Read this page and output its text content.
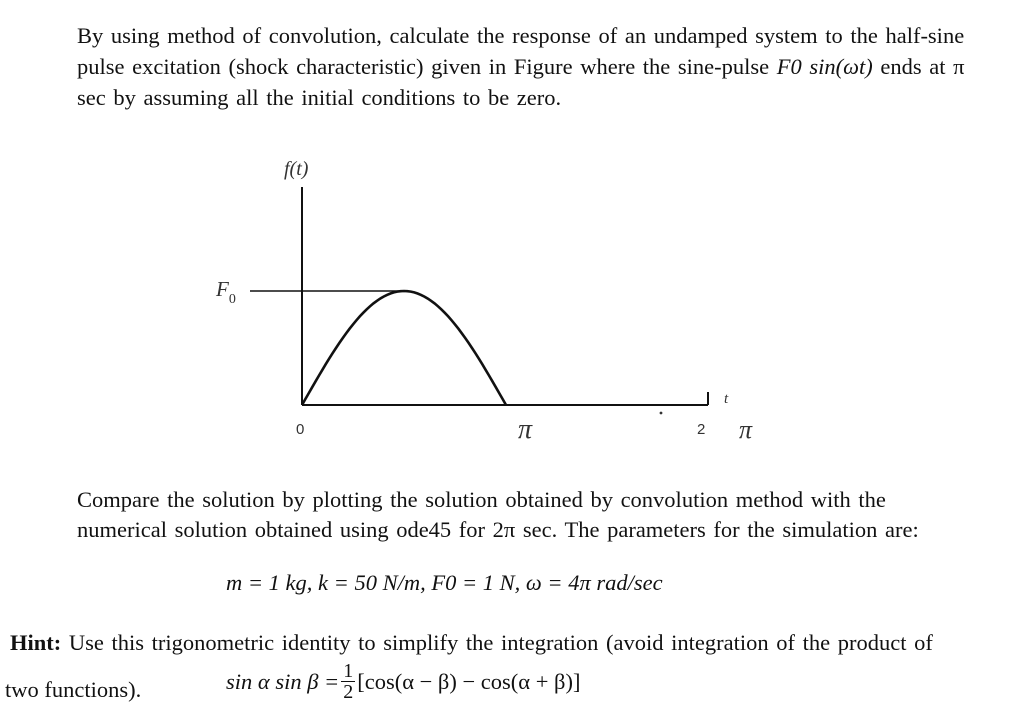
By using method of convolution, calculate the response of an undamped system to the half-sine
pulse excitation (shock characteristic) given in Figure where the sine-pulse F0 sin(ωt) ends at π
sec by assuming all the initial conditions to be zero.
f(t)
$F_0$
0
t
π	2 π
Compare the solution by plotting the solution obtained by convolution method with the
numerical solution obtained using ode45 for 2π sec. The parameters for the simulation are:
m = 1 kg, k = 50 N/m, F0 = 1 N, ω = 4π rad/sec
Hint: Use this trigonometric identity to simplify the integration (avoid integration of the product of
two functions).	sin α $\sin \beta = \frac{1}{2} [\cos(\alpha - \beta) - \cos(\alpha + \beta)]$
